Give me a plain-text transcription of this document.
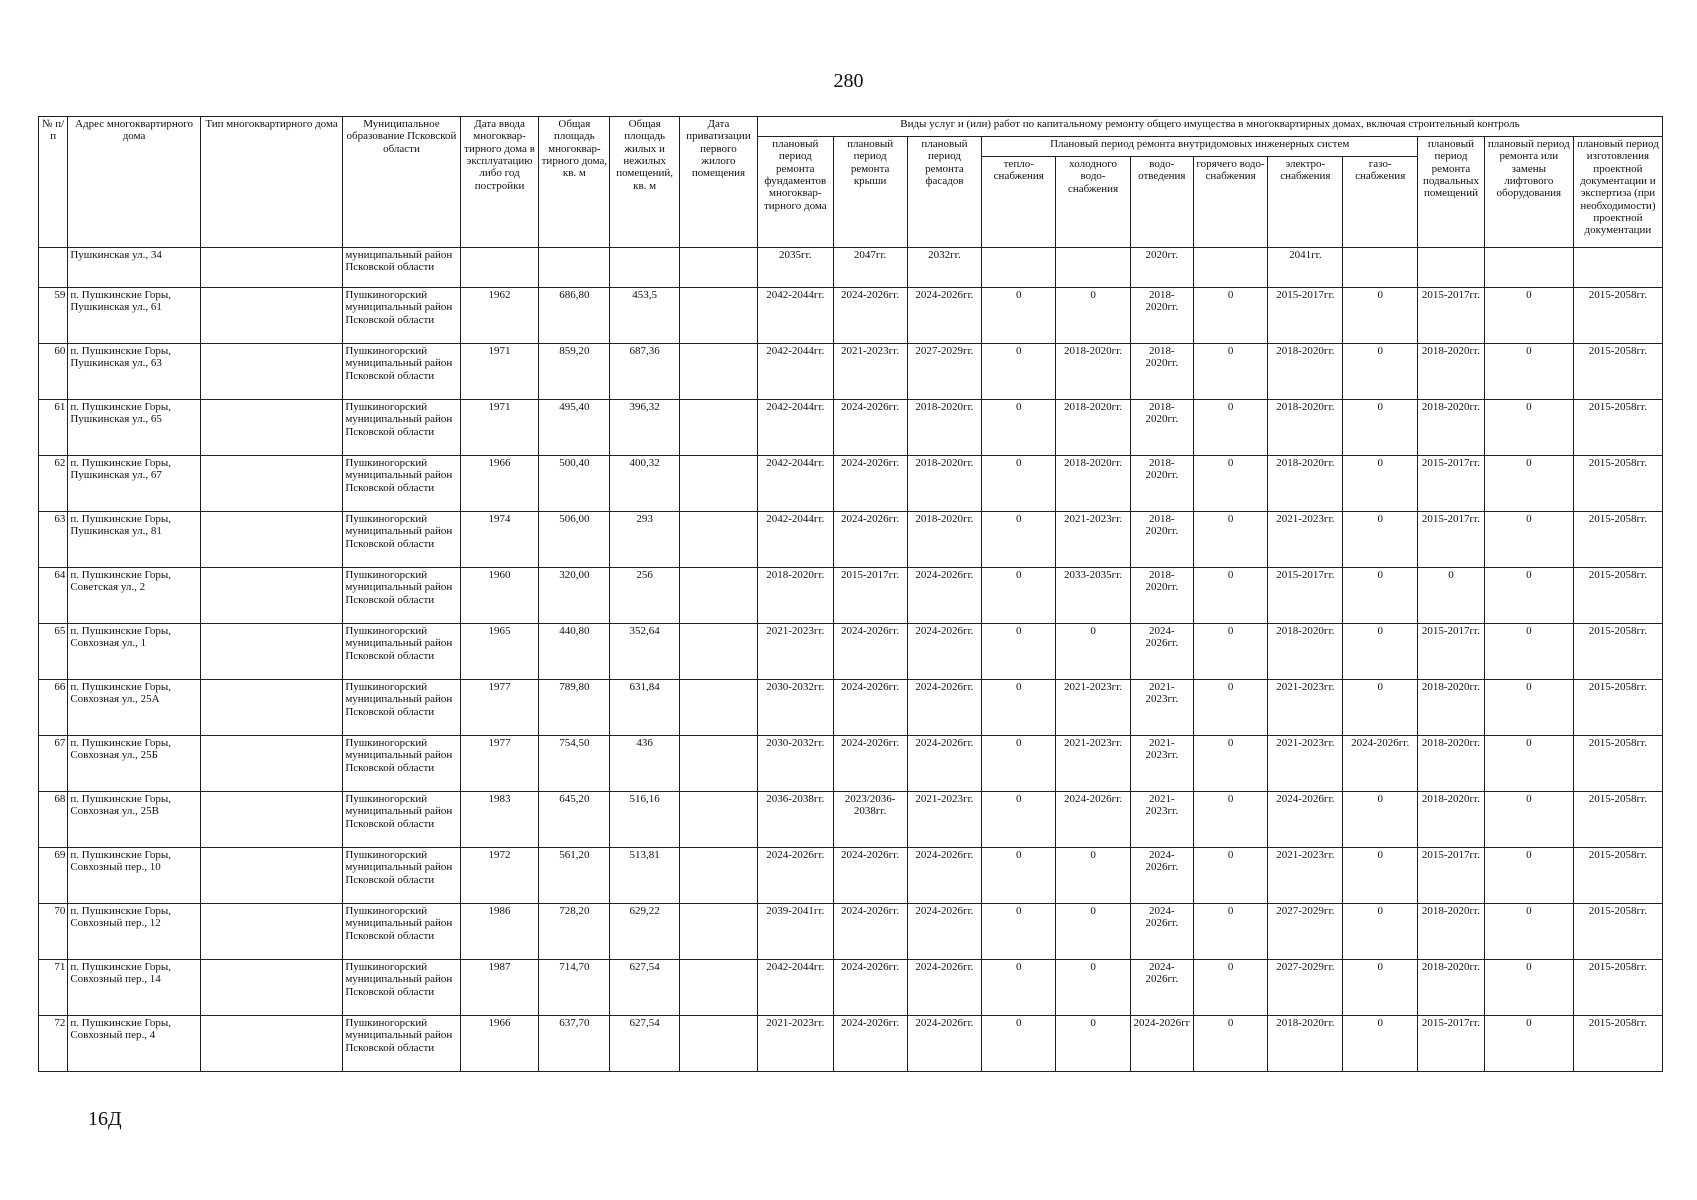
280
№ п/п	Адрес многоквартирного дома	Тип многоквартирного дома	Муниципальное образование Псковской области	Дата ввода многоквар-тирного дома в эксплуатацию либо год постройки	Общая площадь многоквар-тирного дома, кв. м	Общая площадь жилых и нежилых помещений, кв. м	Дата приватизации первого жилого помещения	Виды услуг и (или) работ по капитальному ремонту общего имущества в многоквартирных домах, включая строительный контроль											
								плановый период ремонта фундаментов многоквар-тирного дома	плановый период ремонта крыши	плановый период ремонта фасадов	Плановый период ремонта внутридомовых инженерных систем						плановый период ремонта подвальных помещений	плановый период ремонта или замены лифтового оборудования	плановый период изготовления проектной документации и экспертиза (при необходимости) проектной документации
											тепло-снабжения	холодного водо-снабжения	водо-отведения	горячего водо-снабжения	электро-снабжения	газо-снабжения			
	Пушкинская ул., 34		муниципальный район Псковской области					2035гг.	2047гг.	2032гг.			2020гг.		2041гг.				
59	п. Пушкинские Горы, Пушкинская ул., 61		Пушкиногорский муниципальный район Псковской области	1962	686,80	453,5		2042-2044гг.	2024-2026гг.	2024-2026гг.	0	0	2018-2020гг.	0	2015-2017гг.	0	2015-2017гг.	0	2015-2058гг.
60	п. Пушкинские Горы, Пушкинская ул., 63		Пушкиногорский муниципальный район Псковской области	1971	859,20	687,36		2042-2044гг.	2021-2023гг.	2027-2029гг.	0	2018-2020гг.	2018-2020гг.	0	2018-2020гг.	0	2018-2020гг.	0	2015-2058гг.
61	п. Пушкинские Горы, Пушкинская ул., 65		Пушкиногорский муниципальный район Псковской области	1971	495,40	396,32		2042-2044гг.	2024-2026гг.	2018-2020гг.	0	2018-2020гг.	2018-2020гг.	0	2018-2020гг.	0	2018-2020гг.	0	2015-2058гг.
62	п. Пушкинские Горы, Пушкинская ул., 67		Пушкиногорский муниципальный район Псковской области	1966	500,40	400,32		2042-2044гг.	2024-2026гг.	2018-2020гг.	0	2018-2020гг.	2018-2020гг.	0	2018-2020гг.	0	2015-2017гг.	0	2015-2058гг.
63	п. Пушкинские Горы, Пушкинская ул., 81		Пушкиногорский муниципальный район Псковской области	1974	506,00	293		2042-2044гг.	2024-2026гг.	2018-2020гг.	0	2021-2023гг.	2018-2020гг.	0	2021-2023гг.	0	2015-2017гг.	0	2015-2058гг.
64	п. Пушкинские Горы, Советская ул., 2		Пушкиногорский муниципальный район Псковской области	1960	320,00	256		2018-2020гг.	2015-2017гг.	2024-2026гг.	0	2033-2035гг.	2018-2020гг.	0	2015-2017гг.	0	0	0	2015-2058гг.
65	п. Пушкинские Горы, Совхозная ул., 1		Пушкиногорский муниципальный район Псковской области	1965	440,80	352,64		2021-2023гг.	2024-2026гг.	2024-2026гг.	0	0	2024-2026гг.	0	2018-2020гг.	0	2015-2017гг.	0	2015-2058гг.
66	п. Пушкинские Горы, Совхозная ул., 25А		Пушкиногорский муниципальный район Псковской области	1977	789,80	631,84		2030-2032гг.	2024-2026гг.	2024-2026гг.	0	2021-2023гг.	2021-2023гг.	0	2021-2023гг.	0	2018-2020гг.	0	2015-2058гг.
67	п. Пушкинские Горы, Совхозная ул., 25Б		Пушкиногорский муниципальный район Псковской области	1977	754,50	436		2030-2032гг.	2024-2026гг.	2024-2026гг.	0	2021-2023гг.	2021-2023гг.	0	2021-2023гг.	2024-2026гг.	2018-2020гг.	0	2015-2058гг.
68	п. Пушкинские Горы, Совхозная ул., 25В		Пушкиногорский муниципальный район Псковской области	1983	645,20	516,16		2036-2038гг.	2023/2036-2038гг.	2021-2023гг.	0	2024-2026гг.	2021-2023гг.	0	2024-2026гг.	0	2018-2020гг.	0	2015-2058гг.
69	п. Пушкинские Горы, Совхозный пер., 10		Пушкиногорский муниципальный район Псковской области	1972	561,20	513,81		2024-2026гг.	2024-2026гг.	2024-2026гг.	0	0	2024-2026гг.	0	2021-2023гг.	0	2015-2017гг.	0	2015-2058гг.
70	п. Пушкинские Горы, Совхозный пер., 12		Пушкиногорский муниципальный район Псковской области	1986	728,20	629,22		2039-2041гг.	2024-2026гг.	2024-2026гг.	0	0	2024-2026гг.	0	2027-2029гг.	0	2018-2020гг.	0	2015-2058гг.
71	п. Пушкинские Горы, Совхозный пер., 14		Пушкиногорский муниципальный район Псковской области	1987	714,70	627,54		2042-2044гг.	2024-2026гг.	2024-2026гг.	0	0	2024-2026гг.	0	2027-2029гг.	0	2018-2020гг.	0	2015-2058гг.
72	п. Пушкинские Горы, Совхозный пер., 4		Пушкиногорский муниципальный район Псковской области	1966	637,70	627,54		2021-2023гг.	2024-2026гг.	2024-2026гг.	0	0	2024-2026гг	0	2018-2020гг.	0	2015-2017гг.	0	2015-2058гг.
16Д
